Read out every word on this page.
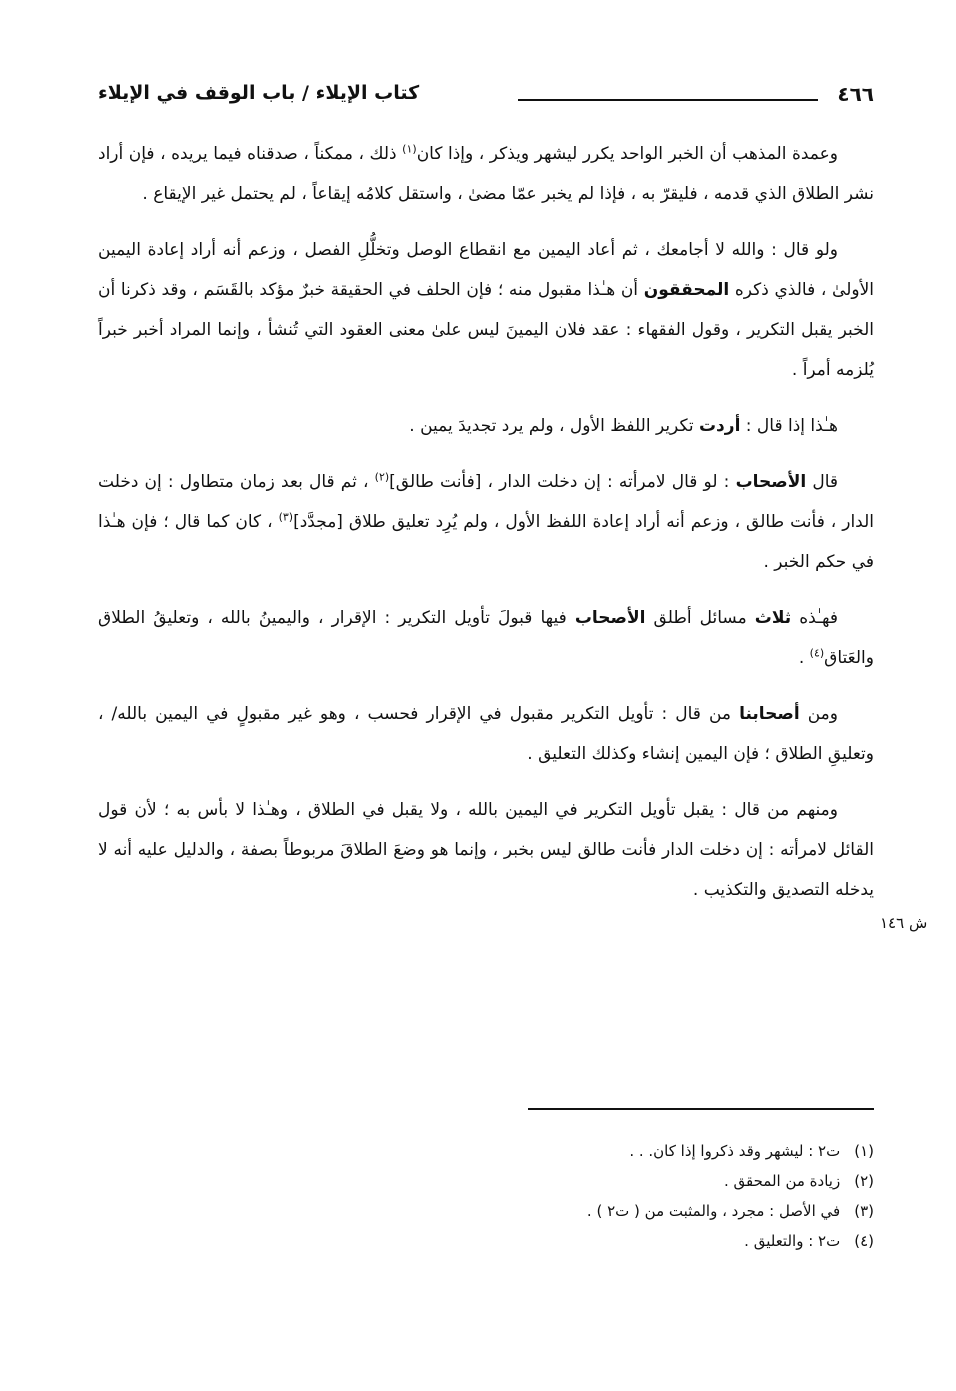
٤٦٦
كتاب الإيلاء / باب الوقف في الإيلاء

وعمدة المذهب أن الخبر الواحد يكرر ليشهر ويذكر ، وإذا كان$^{(١)}$ ذلك ، ممكناً ، صدقناه فيما يريده ، فإن أراد نشر الطلاق الذي قدمه ، فليقرّ به ، فإذا لم يخبر عمّا مضىٰ ، واستقل كلامُه إيقاعاً ، لم يحتمل غير الإيقاع .

ولو قال : والله لا أجامعك ، ثم أعاد اليمين مع انقطاع الوصل وتخلُّلِ الفصل ، وزعم أنه أراد إعادة اليمين الأولىٰ ، فالذي ذكره المحققون أن هـٰذا مقبول منه ؛ فإن الحلف في الحقيقة خبرٌ مؤكد بالقَسَم ، وقد ذكرنا أن الخبر يقبل التكرير ، وقول الفقهاء : عقد فلان اليمينَ ليس علىٰ معنى العقود التي تُنشأ ، وإنما المراد أخبر خبراً يُلزمه أمراً .

هـٰذا إذا قال : أردت تكرير اللفظ الأول ، ولم يرد تجديدَ يمين .

قال الأصحاب : لو قال لامرأته : إن دخلت الدار ، [فأنت طالق]$^{(٢)}$ ، ثم قال بعد زمان متطاول : إن دخلت الدار ، فأنت طالق ، وزعم أنه أراد إعادة اللفظ الأول ، ولم يُرِد تعليق طلاق [مجدَّد]$^{(٣)}$ ، كان كما قال ؛ فإن هـٰذا في حكم الخبر .

فهـٰذه ثلاث مسائل أطلق الأصحاب فيها قبولَ تأويل التكرير : الإقرار ، واليمينُ بالله ، وتعليقُ الطلاق والعَتاق$^{(٤)}$ .

ومن أصحابنا من قال : تأويل التكرير مقبول في الإقرار فحسب ، وهو غير مقبولٍ في اليمين بالله/ ، وتعليقِ الطلاق ؛ فإن اليمين إنشاء وكذلك التعليق .

ومنهم من قال : يقبل تأويل التكرير في اليمين بالله ، ولا يقبل في الطلاق ، وهـٰذا لا بأس به ؛ لأن قول القائل لامرأته : إن دخلت الدار فأنت طالق ليس بخبر ، وإنما هو وضعَ الطلاقَ مربوطاً بصفة ، والدليل عليه أنه لا يدخله التصديق والتكذيب .

ش ١٤٦
(١)
ت٢ : ليشهر وقد ذكروا إذا كان. . .
(٢)
زيادة من المحقق .
(٣)
في الأصل : مجرد ، والمثبت من ( ت٢ ) .
(٤)
ت٢ : والتعليق .
